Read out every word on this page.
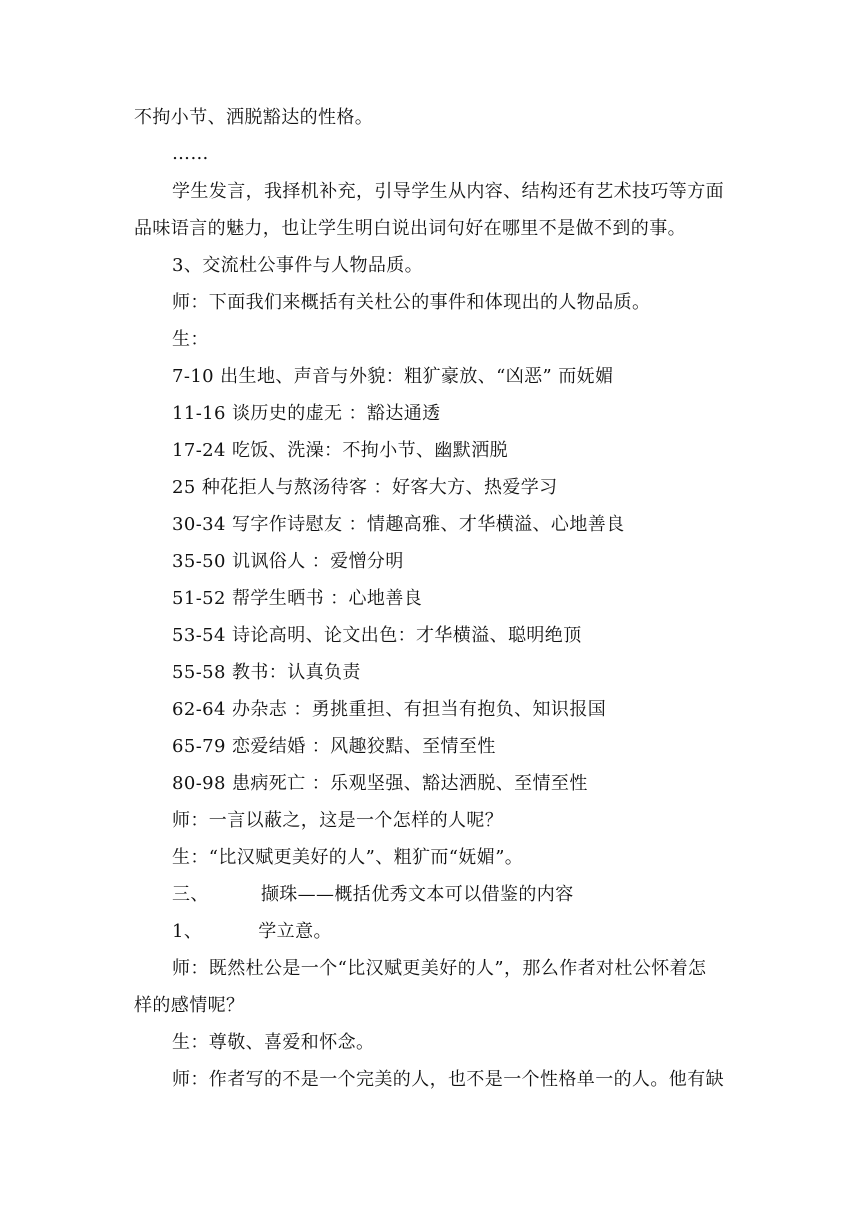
不拘小节、洒脱豁达的性格。
……
学生发言，我择机补充，引导学生从内容、结构还有艺术技巧等方面
品味语言的魅力，也让学生明白说出词句好在哪里不是做不到的事。
3、交流杜公事件与人物品质。
师：下面我们来概括有关杜公的事件和体现出的人物品质。
生：
7-10 出生地、声音与外貌：粗犷豪放、“凶恶” 而妩媚
11-16 谈历史的虚无 ：豁达通透
17-24 吃饭、洗澡：不拘小节、幽默洒脱
25 种花拒人与熬汤待客 ：好客大方、热爱学习
30-34 写字作诗慰友 ：情趣高雅、才华横溢、心地善良
35-50 讥讽俗人 ：爱憎分明
51-52 帮学生晒书 ：心地善良
53-54 诗论高明、论文出色：才华横溢、聪明绝顶
55-58 教书：认真负责
62-64 办杂志 ：勇挑重担、有担当有抱负、知识报国
65-79 恋爱结婚 ：风趣狡黠、至情至性
80-98 患病死亡 ：乐观坚强、豁达洒脱、至情至性
师：一言以蔽之，这是一个怎样的人呢？
生：“比汉赋更美好的人”、粗犷而“妩媚”。
三、	撷珠——概括优秀文本可以借鉴的内容
1、	学立意。
师：既然杜公是一个“比汉赋更美好的人”，那么作者对杜公怀着怎
样的感情呢？
生：尊敬、喜爱和怀念。
师：作者写的不是一个完美的人，也不是一个性格单一的人。他有缺
